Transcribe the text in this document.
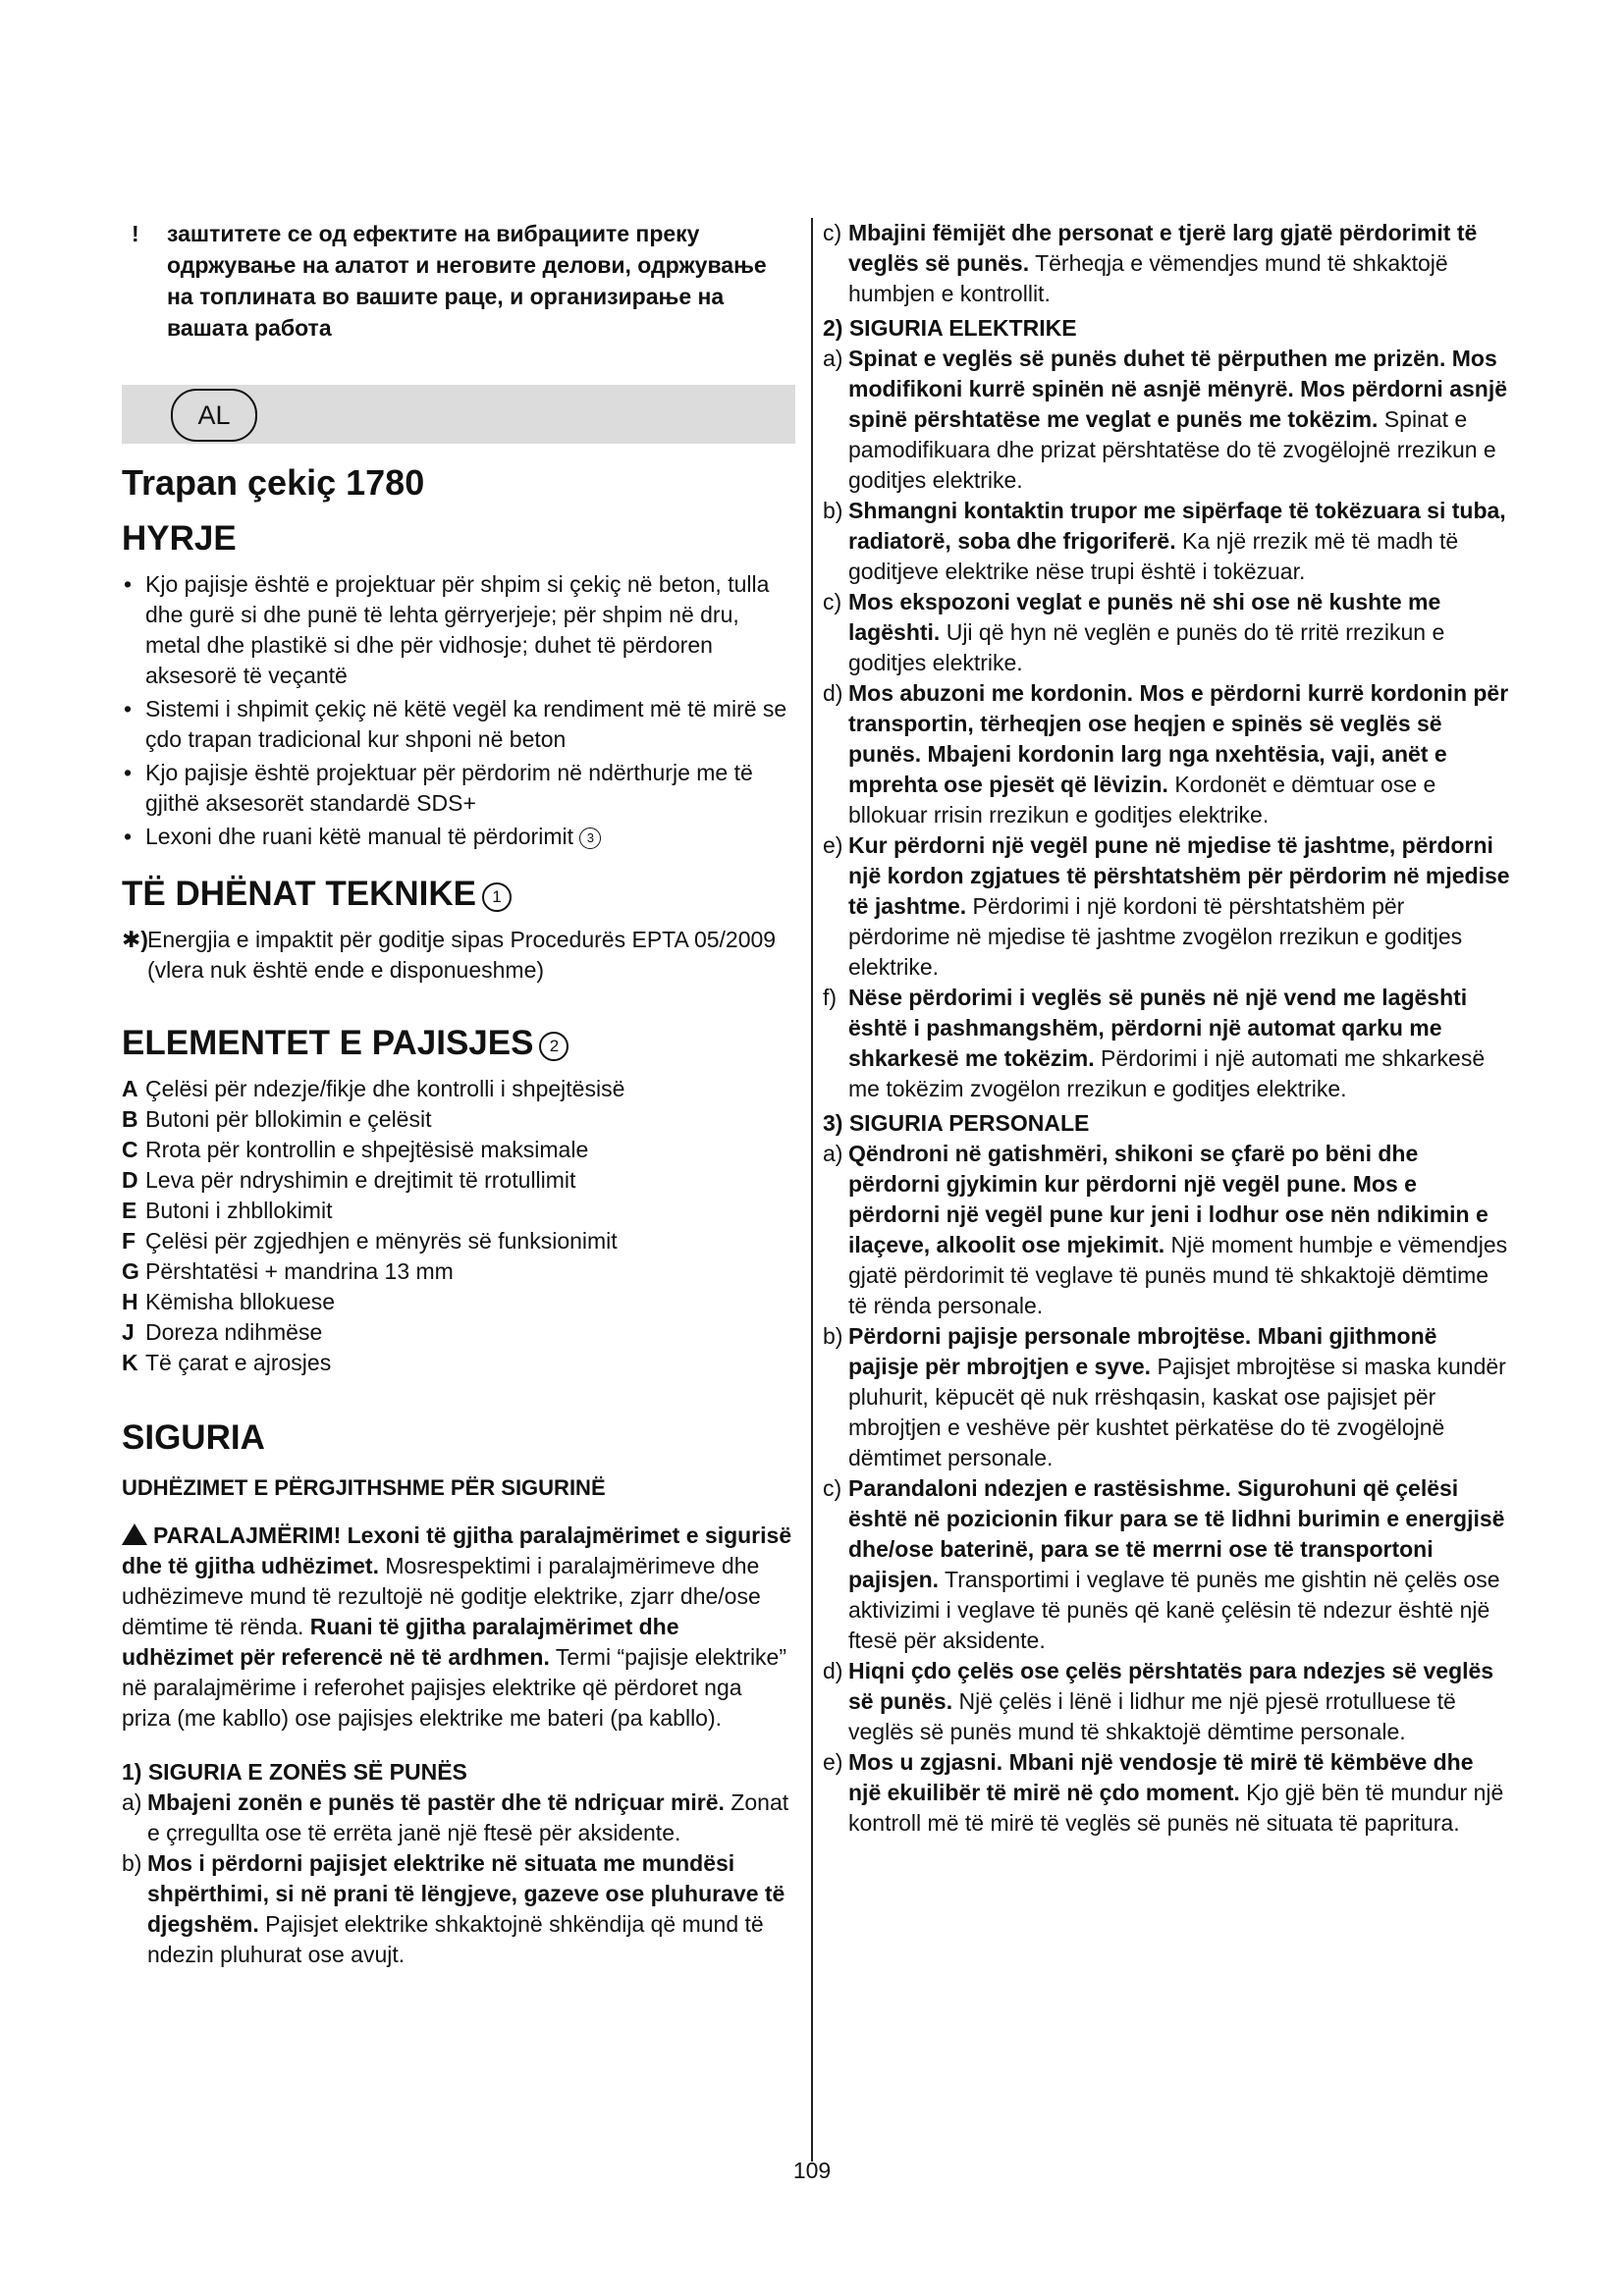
!	заштитете се од ефектите на вибрациите преку одржување на алатот и неговите делови, одржување на топлината во вашите раце, и организирање на вашата работа
AL
Trapan çekiç 1780
HYRJE
• Kjo pajisje është e projektuar për shpim si çekiç në beton, tulla dhe gurë si dhe punë të lehta gërryerjeje; për shpim në dru, metal dhe plastikë si dhe për vidhosje; duhet të përdoren aksesorë të veçantë
• Sistemi i shpimit çekiç në këtë vegël ka rendiment më të mirë se çdo trapan tradicional kur shponi në beton
• Kjo pajisje është projektuar për përdorim në ndërthurje me të gjithë aksesorët standardë SDS+
• Lexoni dhe ruani këtë manual të përdorimit 3
TË DHËNAT TEKNIKE 1
✱) Energjia e impaktit për goditje sipas Procedurës EPTA 05/2009 (vlera nuk është ende e disponueshme)
ELEMENTET E PAJISJES 2
A Çelësi për ndezje/fikje dhe kontrolli i shpejtësisë
B Butoni për bllokimin e çelësit
C Rrota për kontrollin e shpejtësisë maksimale
D Leva për ndryshimin e drejtimit të rrotullimit
E Butoni i zhbllokimit
F Çelësi për zgjedhjen e mënyrës së funksionimit
G Përshtatësi + mandrina 13 mm
H Këmisha bllokuese
J Doreza ndihmëse
K Të çarat e ajrosjes
SIGURIA
UDHËZIMET E PËRGJITHSHME PËR SIGURINË
PARALAJMËRIM! Lexoni të gjitha paralajmërimet e sigurisë dhe të gjitha udhëzimet. Mosrespektimi i paralajmërimeve dhe udhëzimeve mund të rezultojë në goditje elektrike, zjarr dhe/ose dëmtime të rënda. Ruani të gjitha paralajmërimet dhe udhëzimet për referencë në të ardhmen. Termi “pajisje elektrike” në paralajmërime i referohet pajisjes elektrike që përdoret nga priza (me kabllo) ose pajisjes elektrike me bateri (pa kabllo).
1) SIGURIA E ZONËS SË PUNËS
a) Mbajeni zonën e punës të pastër dhe të ndriçuar mirë. Zonat e çrregullta ose të errëta janë një ftesë për aksidente.
b) Mos i përdorni pajisjet elektrike në situata me mundësi shpërthimi, si në prani të lëngjeve, gazeve ose pluhurave të djegshëm. Pajisjet elektrike shkaktojnë shkëndija që mund të ndezin pluhurat ose avujt.
c) Mbajini fëmijët dhe personat e tjerë larg gjatë përdorimit të veglës së punës. Tërheqja e vëmendjes mund të shkaktojë humbjen e kontrollit.
2) SIGURIA ELEKTRIKE
a) Spinat e veglës së punës duhet të përputhen me prizën. Mos modifikoni kurrë spinën në asnjë mënyrë. Mos përdorni asnjë spinë përshtatëse me veglat e punës me tokëzim. Spinat e pamodifikuara dhe prizat përshtatëse do të zvogëlojnë rrezikun e goditjes elektrike.
b) Shmangni kontaktin trupor me sipërfaqe të tokëzuara si tuba, radiatorë, soba dhe frigoriferë. Ka një rrezik më të madh të goditjeve elektrike nëse trupi është i tokëzuar.
c) Mos ekspozoni veglat e punës në shi ose në kushte me lagështi. Uji që hyn në veglën e punës do të rritë rrezikun e goditjes elektrike.
d) Mos abuzoni me kordonin. Mos e përdorni kurrë kordonin për transportin, tërheqjen ose heqjen e spinës së veglës së punës. Mbajeni kordonin larg nga nxehtësia, vaji, anët e mprehta ose pjesët që lëvizin. Kordonët e dëmtuar ose e bllokuar rrisin rrezikun e goditjes elektrike.
e) Kur përdorni një vegël pune në mjedise të jashtme, përdorni një kordon zgjatues të përshtatshëm për përdorim në mjedise të jashtme. Përdorimi i një kordoni të përshtatshëm për përdorime në mjedise të jashtme zvogëlon rrezikun e goditjes elektrike.
f) Nëse përdorimi i veglës së punës në një vend me lagështi është i pashmangshëm, përdorni një automat qarku me shkarkesë me tokëzim. Përdorimi i një automati me shkarkesë me tokëzim zvogëlon rrezikun e goditjes elektrike.
3) SIGURIA PERSONALE
a) Qëndroni në gatishmëri, shikoni se çfarë po bëni dhe përdorni gjykimin kur përdorni një vegël pune. Mos e përdorni një vegël pune kur jeni i lodhur ose nën ndikimin e ilaçeve, alkoolit ose mjekimit. Një moment humbje e vëmendjes gjatë përdorimit të veglave të punës mund të shkaktojë dëmtime të rënda personale.
b) Përdorni pajisje personale mbrojtëse. Mbani gjithmonë pajisje për mbrojtjen e syve. Pajisjet mbrojtëse si maska kundër pluhurit, këpucët që nuk rrëshqasin, kaskat ose pajisjet për mbrojtjen e veshëve për kushtet përkatëse do të zvogëlojnë dëmtimet personale.
c) Parandaloni ndezjen e rastësishme. Sigurohuni që çelësi është në pozicionin fikur para se të lidhni burimin e energjisë dhe/ose baterinë, para se të merrni ose të transportoni pajisjen. Transportimi i veglave të punës me gishtin në çelës ose aktivizimi i veglave të punës që kanë çelësin të ndezur është një ftesë për aksidente.
d) Hiqni çdo çelës ose çelës përshtatës para ndezjes së veglës së punës. Një çelës i lënë i lidhur me një pjesë rrotulluese të veglës së punës mund të shkaktojë dëmtime personale.
e) Mos u zgjasni. Mbani një vendosje të mirë të këmbëve dhe një ekuilibër të mirë në çdo moment. Kjo gjë bën të mundur një kontroll më të mirë të veglës së punës në situata të papritura.
109
